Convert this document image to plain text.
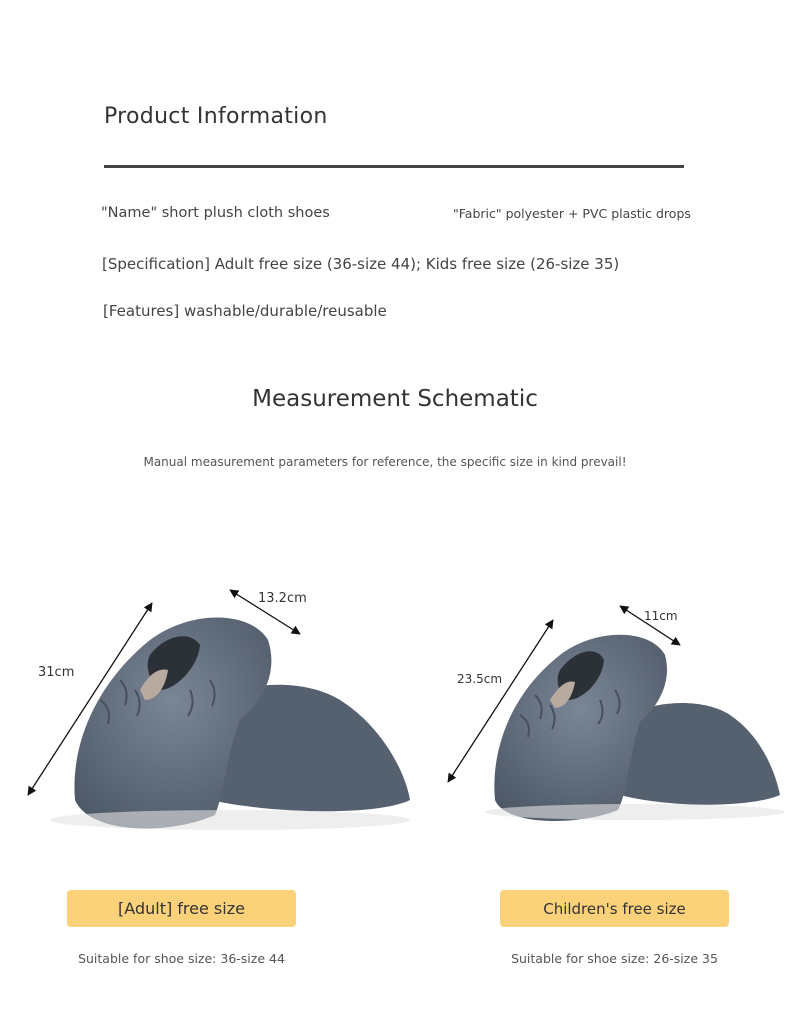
Product Information
"Name" short plush cloth shoes	"Fabric" polyester + PVC plastic drops
[Specification] Adult free size (36-size 44); Kids free size (26-size 35)
[Features] washable/durable/reusable
Measurement Schematic
Manual measurement parameters for reference, the specific size in kind prevail!
31cm
13.2cm
23.5cm
11cm
[Adult] free size	Children's free size
Suitable for shoe size: 36-size 44	Suitable for shoe size: 26-size 35
